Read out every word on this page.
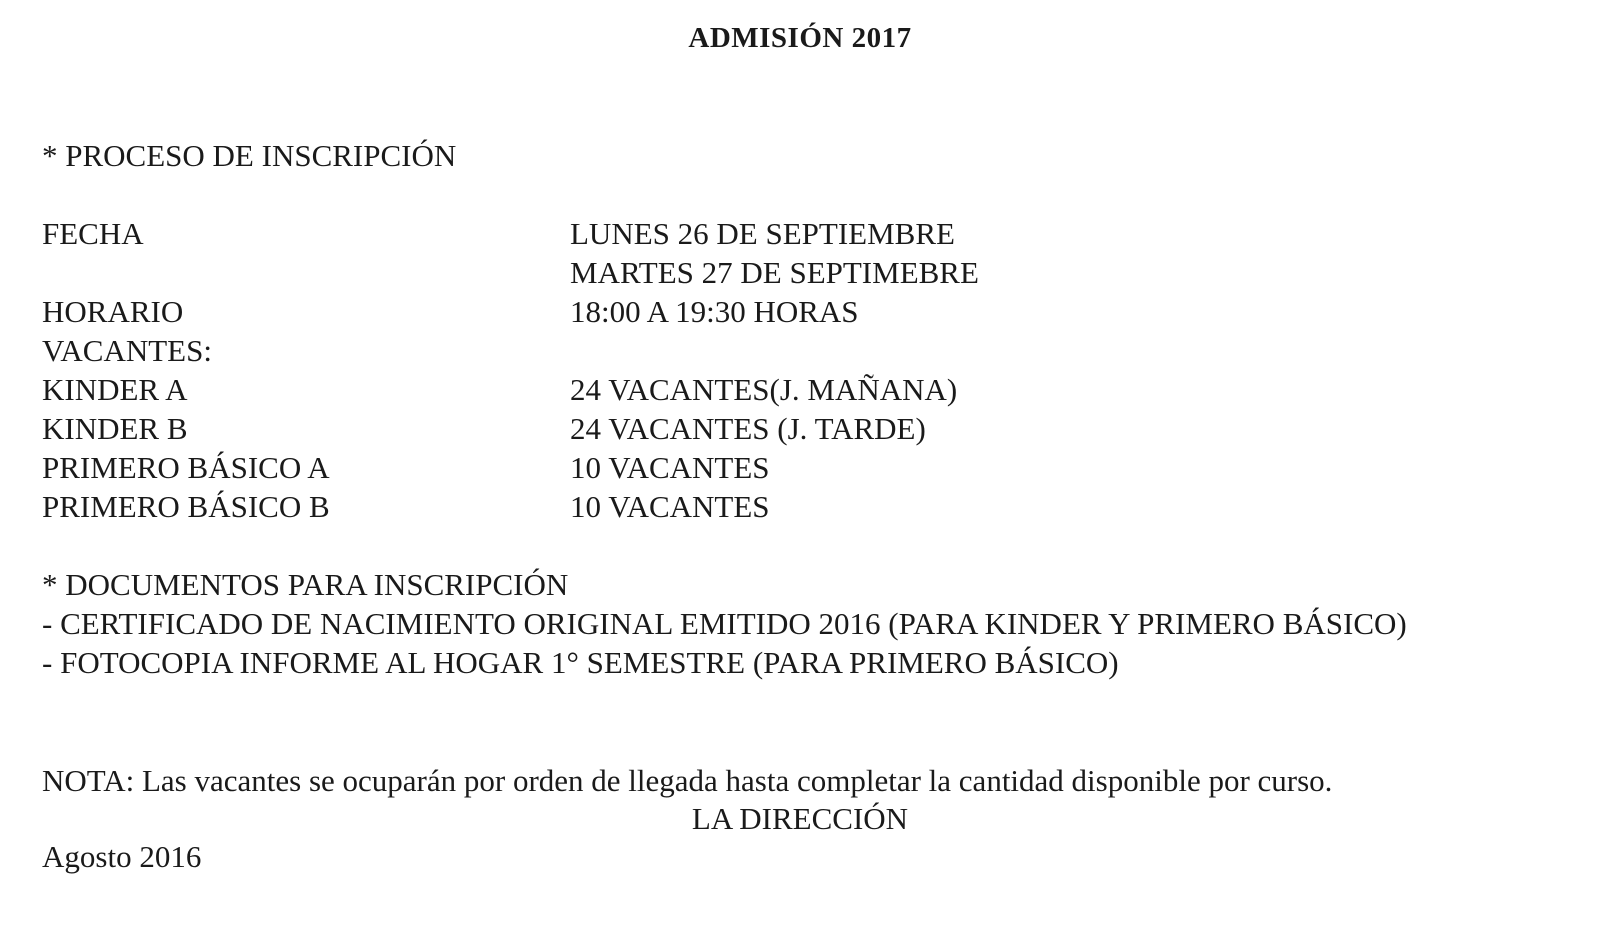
ADMISIÓN 2017
* PROCESO DE INSCRIPCIÓN
FECHA	LUNES 26 DE SEPTIEMBRE
MARTES 27 DE SEPTIMEBRE
HORARIO	18:00 A 19:30 HORAS
VACANTES:
KINDER A	24 VACANTES(J. MAÑANA)
KINDER B	24 VACANTES (J. TARDE)
PRIMERO BÁSICO A	10 VACANTES
PRIMERO BÁSICO B	10 VACANTES
* DOCUMENTOS PARA INSCRIPCIÓN
- CERTIFICADO DE NACIMIENTO ORIGINAL EMITIDO 2016 (PARA KINDER Y PRIMERO BÁSICO)
- FOTOCOPIA INFORME AL HOGAR 1° SEMESTRE (PARA PRIMERO BÁSICO)
NOTA: Las vacantes se ocuparán por orden de llegada hasta completar la cantidad disponible por curso.
LA DIRECCIÓN
Agosto 2016
